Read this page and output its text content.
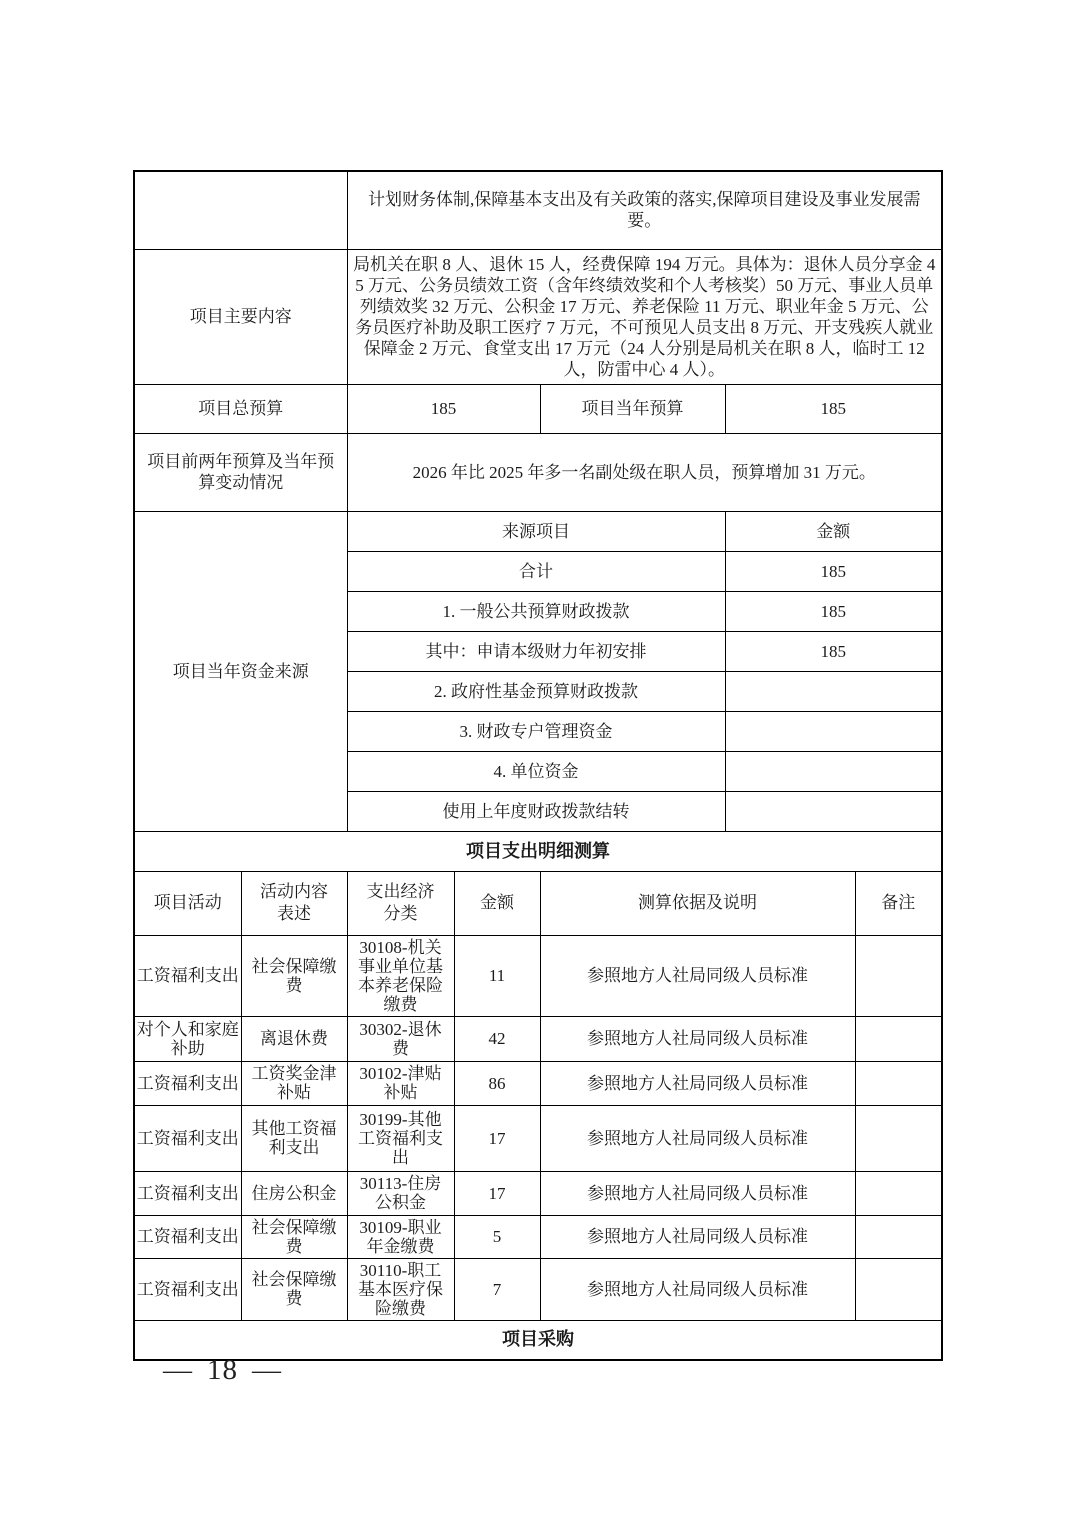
		计划财务体制,保障基本支出及有关政策的落实,保障项目建设及事业发展需要。				
项目主要内容		局机关在职 8 人、退休 15 人，经费保障 194 万元。具体为：退休人员分享金 45 万元、公务员绩效工资（含年终绩效奖和个人考核奖）50 万元、事业人员单列绩效奖 32 万元、公积金 17 万元、养老保险 11 万元、职业年金 5 万元、公务员医疗补助及职工医疗 7 万元，不可预见人员支出 8 万元、开支残疾人就业保障金 2 万元、食堂支出 17 万元（24 人分别是局机关在职 8 人，临时工 12 人，防雷中心 4 人）。				
项目总预算		185		项目当年预算	185	
项目前两年预算及当年预算变动情况		2026 年比 2025 年多一名副处级在职人员，预算增加 31 万元。				
项目当年资金来源		来源项目			金额	
		合计			185	
		1. 一般公共预算财政拨款			185	
		其中：申请本级财力年初安排			185	
		2. 政府性基金预算财政拨款				
		3. 财政专户管理资金				
		4. 单位资金				
		使用上年度财政拨款结转				
项目支出明细测算						
项目活动	活动内容表述	支出经济分类	金额	测算依据及说明		备注
工资福利支出	社会保障缴费	30108-机关事业单位基本养老保险缴费	11	参照地方人社局同级人员标准		
对个人和家庭补助	离退休费	30302-退休费	42	参照地方人社局同级人员标准		
工资福利支出	工资奖金津补贴	30102-津贴补贴	86	参照地方人社局同级人员标准		
工资福利支出	其他工资福利支出	30199-其他工资福利支出	17	参照地方人社局同级人员标准		
工资福利支出	住房公积金	30113-住房公积金	17	参照地方人社局同级人员标准		
工资福利支出	社会保障缴费	30109-职业年金缴费	5	参照地方人社局同级人员标准		
工资福利支出	社会保障缴费	30110-职工基本医疗保险缴费	7	参照地方人社局同级人员标准		
项目采购						
— 18 —
